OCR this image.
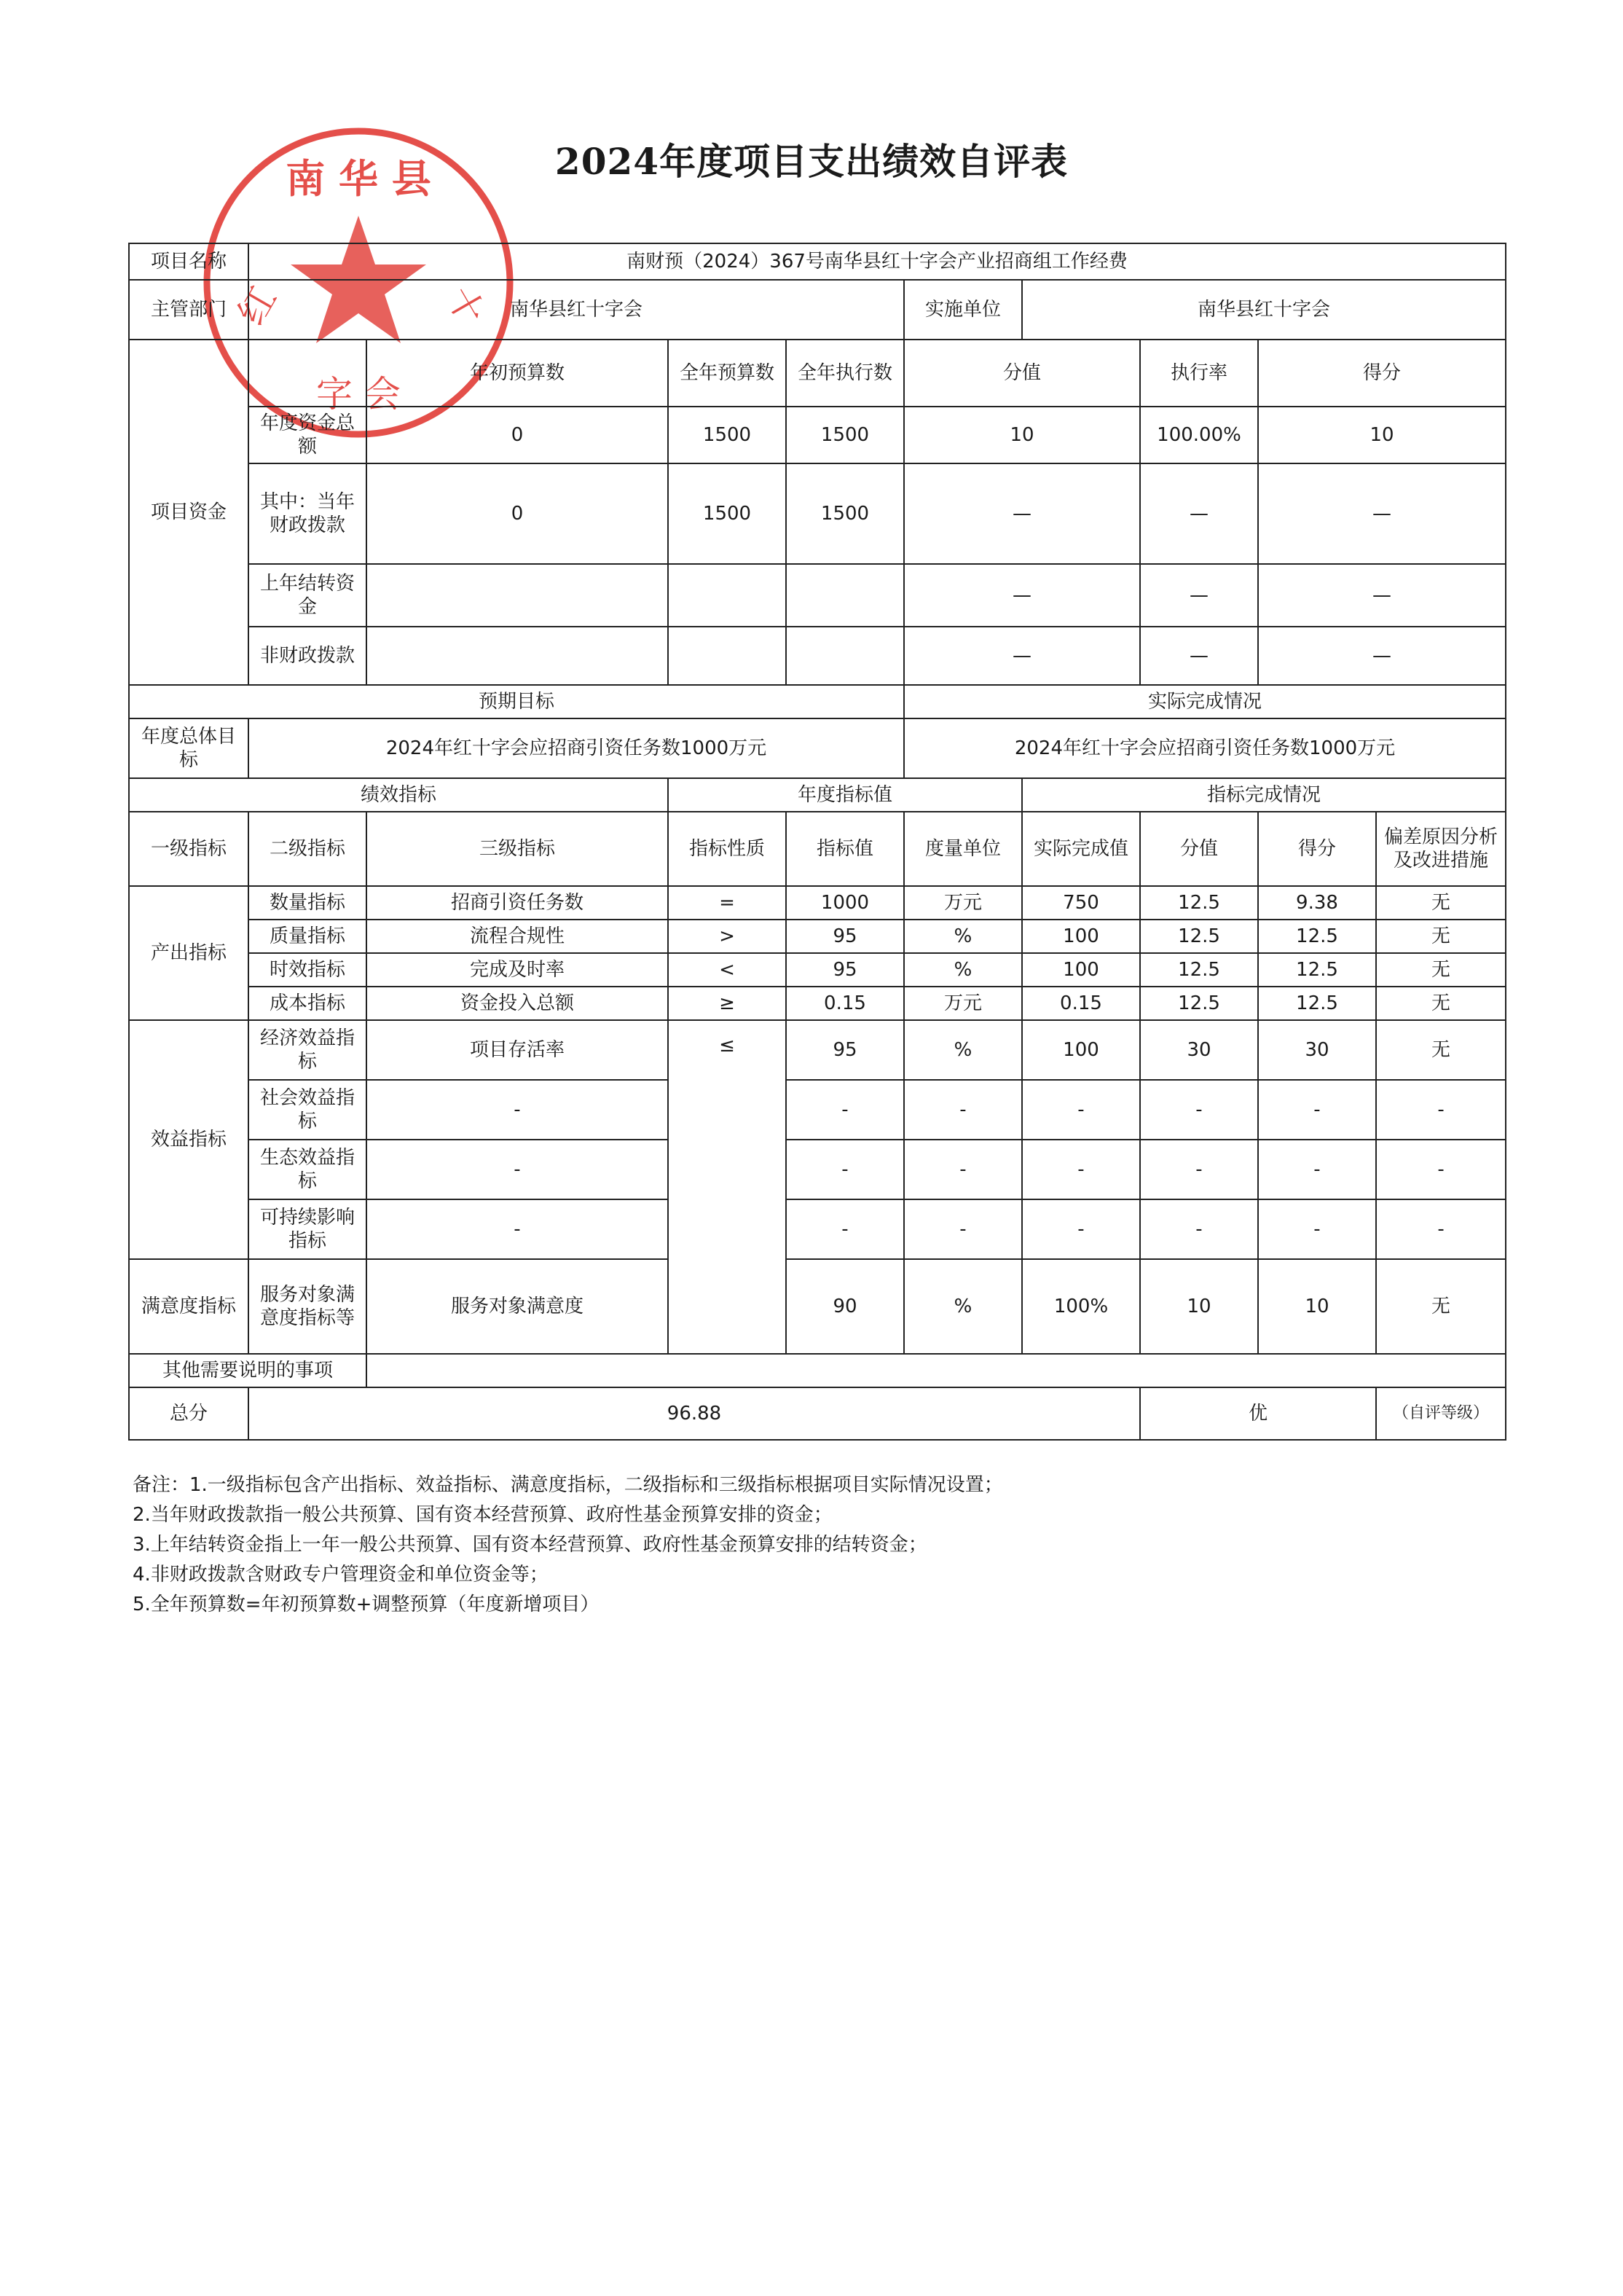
2024年度项目支出绩效自评表
南 华 县
红	十
字 会
项目名称	南财预（2024）367号南华县红十字会产业招商组工作经费								
主管部门	南华县红十字会				实施单位	南华县红十字会			
项目资金		年初预算数	全年预算数	全年执行数	分值		执行率	得分	
	年度资金总额	0	1500	1500	10		100.00%	10	
	其中：当年财政拨款	0	1500	1500	—		—	—	
	上年结转资金				—		—	—	
	非财政拨款				—		—	—	
预期目标					实际完成情况				
年度总体目标	2024年红十字会应招商引资任务数1000万元				2024年红十字会应招商引资任务数1000万元				
绩效指标			年度指标值			指标完成情况			
一级指标	二级指标	三级指标	指标性质	指标值	度量单位	实际完成值	分值	得分	偏差原因分析及改进措施
产出指标	数量指标	招商引资任务数	=	1000	万元	750	12.5	9.38	无
	质量指标	流程合规性	>	95	%	100	12.5	12.5	无
	时效指标	完成及时率	<	95	%	100	12.5	12.5	无
	成本指标	资金投入总额	≥	0.15	万元	0.15	12.5	12.5	无
效益指标	经济效益指标	项目存活率	≤	95	%	100	30	30	无
	社会效益指标	-		-	-	-	-	-	-
	生态效益指标	-		-	-	-	-	-	-
	可持续影响指标	-		-	-	-	-	-	-
满意度指标	服务对象满意度指标等	服务对象满意度		90	%	100%	10	10	无
其他需要说明的事项									
总分	96.88						优		（自评等级）
备注：1.一级指标包含产出指标、效益指标、满意度指标，二级指标和三级指标根据项目实际情况设置；
2.当年财政拨款指一般公共预算、国有资本经营预算、政府性基金预算安排的资金；
3.上年结转资金指上一年一般公共预算、国有资本经营预算、政府性基金预算安排的结转资金；
4.非财政拨款含财政专户管理资金和单位资金等；
5.全年预算数=年初预算数+调整预算（年度新增项目）
